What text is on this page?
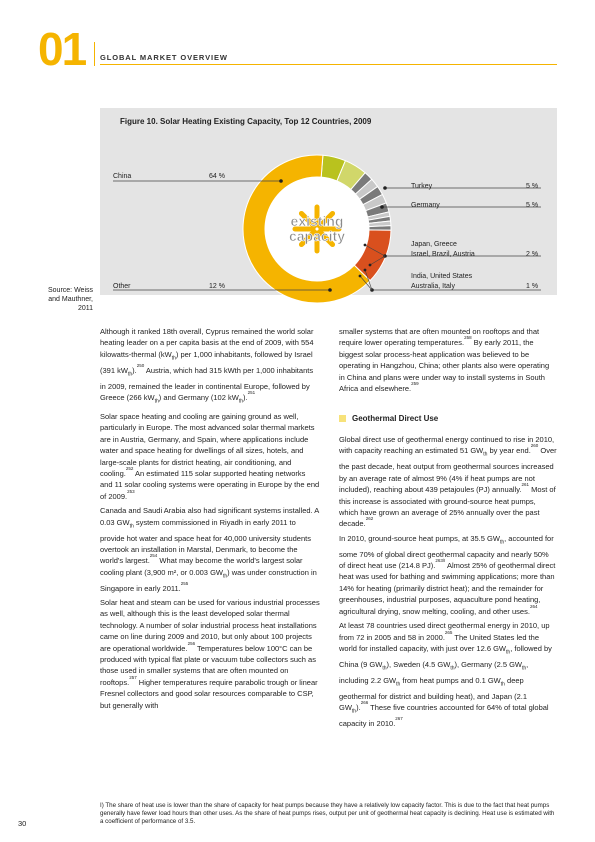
01 GLOBAL MARKET OVERVIEW
Figure 10. Solar Heating Existing Capacity, Top 12 Countries, 2009
existing
capacity
China	64 %
Other	12 %
Turkey	5 %
Germany	5 %
Japan, Greece
Israel, Brazil, Austria	2 %
India, United States
Australia, Italy	1 %
Source: Weiss and Mauthner, 2011

Although it ranked 18th overall, Cyprus remained the world solar heating leader on a per capita basis at the end of 2009, with 554 kilowatts-thermal $(kW_{th})$ per 1,000 inhabitants, followed by Israel (391 $kW_{th}).^{250}$ Austria, which had 315 kWth per 1,000 inhabitants in 2009, remained the leader in continental Europe, followed by Greece (266 $kW_{th}$) and Germany (102 $kW_{th}).^{251}$

Solar space heating and cooling are gaining ground as well, particularly in Europe. The most advanced solar thermal markets are in Austria, Germany, and Spain, where applications include water and space heating for dwellings of all sizes, hotels, and large-scale plants for district heating, air conditioning, and cooling.$^{252}$ An estimated 115 solar supported heating networks and 11 solar cooling systems were operating in Europe by the end of 2009.$^{253}$

Canada and Saudi Arabia also had significant systems installed. A 0.03 $GW_{th}$ system commissioned in Riyadh in early 2011 to provide hot water and space heat for 40,000 university students overtook an installation in Marstal, Denmark, to become the world's largest.$^{254}$ What may become the world's largest solar cooling plant (3,900 m², or 0.003 $GW_{th}$) was under construction in Singapore in early 2011.$^{255}$

Solar heat and steam can be used for various industrial processes as well, although this is the least developed solar thermal technology. A number of solar industrial process heat installations came on line during 2009 and 2010, but only about 100 projects are operational worldwide.$^{256}$ Temperatures below 100°C can be produced with typical flat plate or vacuum tube collectors such as those used in smaller systems that are often mounted on rooftops.$^{257}$ Higher temperatures require parabolic trough or linear Fresnel collectors and good solar resources comparable to CSP, but generally with

smaller systems that are often mounted on rooftops and that require lower operating temperatures.$^{258}$ By early 2011, the biggest solar process-heat application was believed to be operating in Hangzhou, China; other plants also were operating in China and plans were under way to install systems in South Africa and elsewhere.$^{259}$

Geothermal Direct Use

Global direct use of geothermal energy continued to rise in 2010, with capacity reaching an estimated 51 $GW_{th}$ by year end.$^{260}$ Over the past decade, heat output from geothermal sources increased by an average rate of almost 9% (4% if heat pumps are not included), reaching about 439 petajoules (PJ) annually.$^{261}$ Most of this increase is associated with ground-source heat pumps, which have grown an average of 25% annually over the past decade.$^{262}$

In 2010, ground-source heat pumps, at 35.5 $GW_{th}$, accounted for some 70% of global direct geothermal capacity and nearly 50% of direct heat use (214.8 PJ).$^{263/I}$ Almost 25% of geothermal direct heat was used for bathing and swimming applications; more than 14% for heating (primarily district heat); and the remainder for greenhouses, industrial purposes, aquaculture pond heating, agricultural drying, snow melting, cooling, and other uses.$^{264}$

At least 78 countries used direct geothermal energy in 2010, up from 72 in 2005 and 58 in 2000.$^{265}$ The United States led the world for installed capacity, with just over 12.6 $GW_{th}$, followed by China (9 $GW_{th}$), Sweden (4.5 $GW_{th}$), Germany (2.5 $GW_{th}$, including 2.2 $GW_{th}$ from heat pumps and 0.1 $GW_{th}$ deep geothermal for district and building heat), and Japan (2.1 $GW_{th}).^{266}$ These five countries accounted for 64% of total global capacity in 2010.$^{267}$

I) The share of heat use is lower than the share of capacity for heat pumps because they have a relatively low capacity factor. This is due to the fact that heat pumps generally have fewer load hours than other uses. As the share of heat pumps rises, output per unit of geothermal heat capacity is declining. Heat use is estimated with a coefficient of performance of 3.5.
30
